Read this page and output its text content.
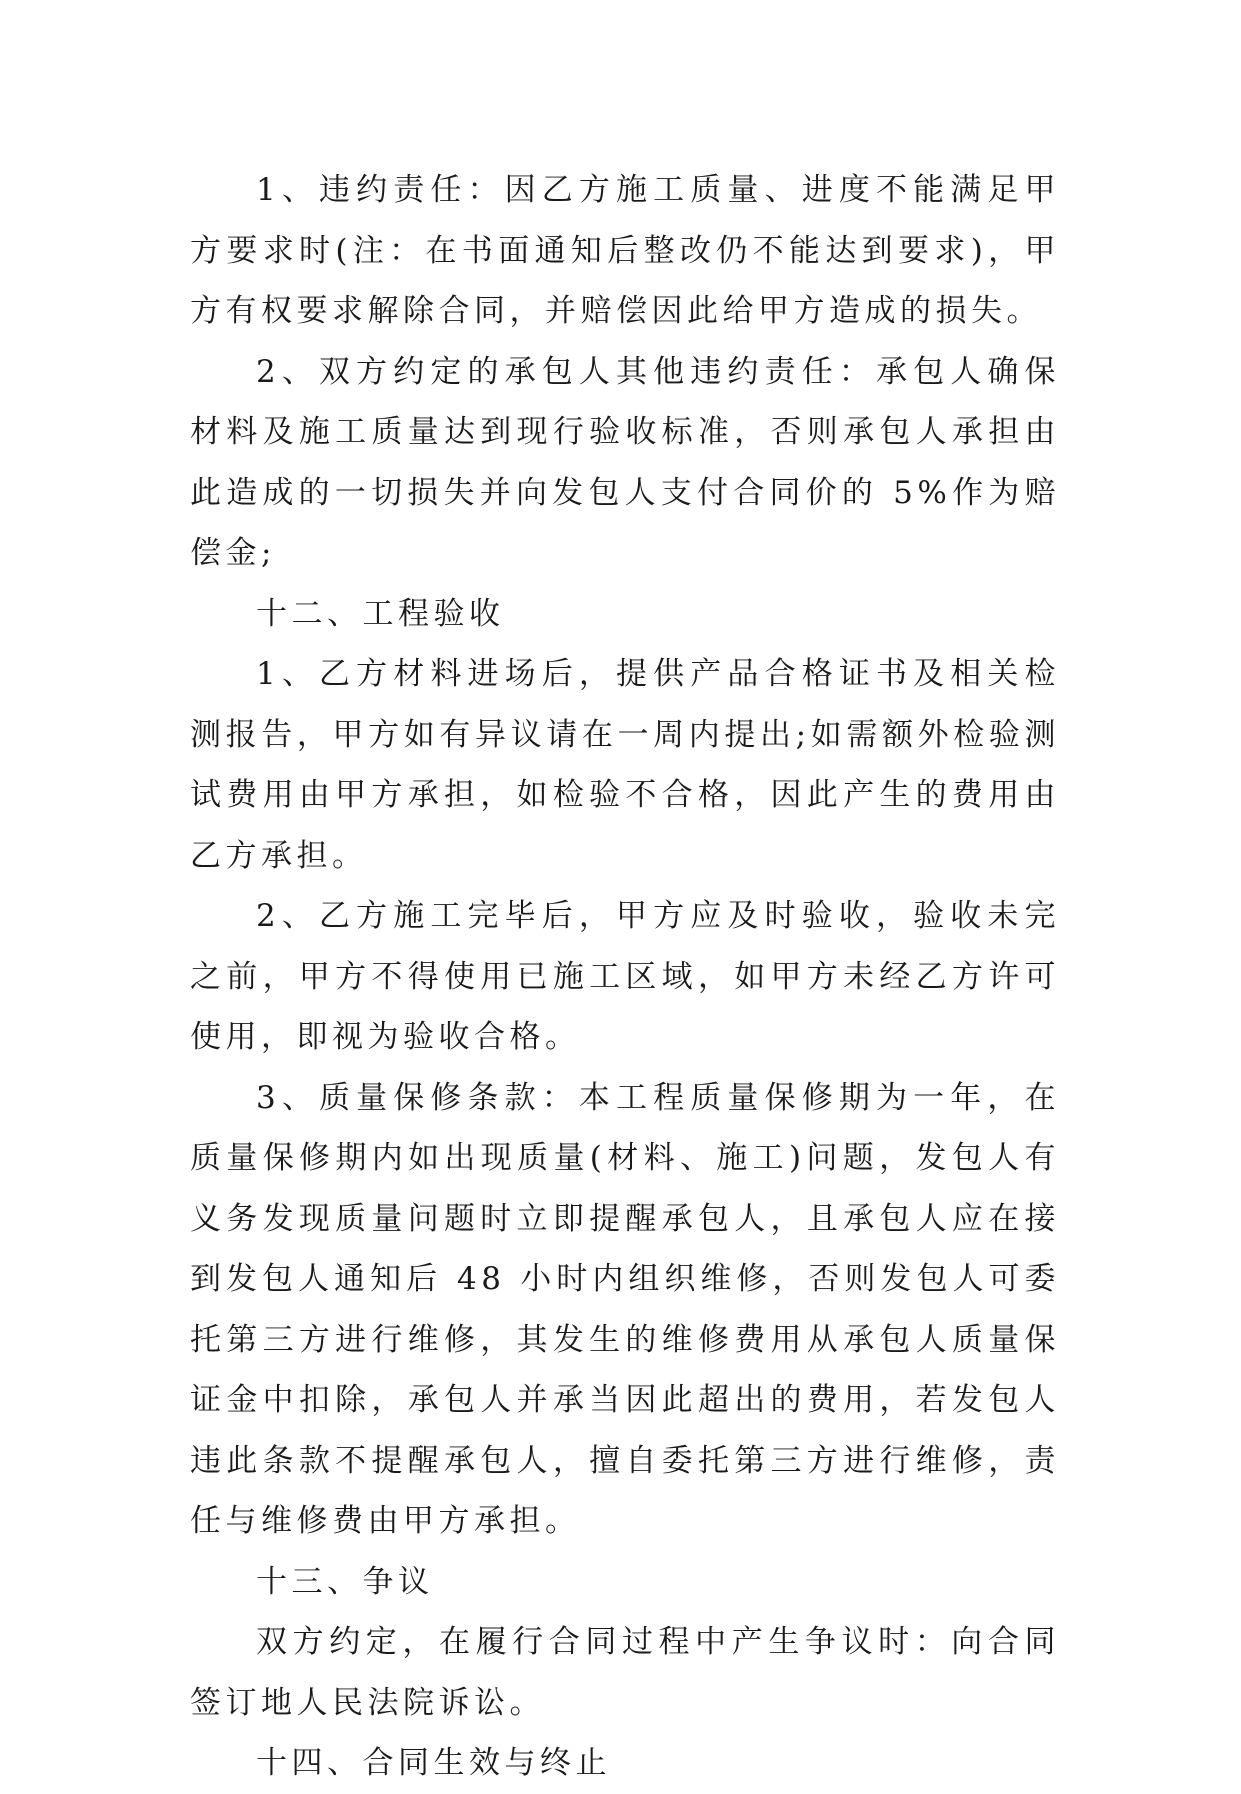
1、违约责任：因乙方施工质量、进度不能满足甲方要求时(注：在书面通知后整改仍不能达到要求)，甲方有权要求解除合同，并赔偿因此给甲方造成的损失。

2、双方约定的承包人其他违约责任：承包人确保材料及施工质量达到现行验收标准，否则承包人承担由此造成的一切损失并向发包人支付合同价的 5%作为赔偿金;

十二、工程验收

1、乙方材料进场后，提供产品合格证书及相关检测报告，甲方如有异议请在一周内提出;如需额外检验测试费用由甲方承担，如检验不合格，因此产生的费用由乙方承担。

2、乙方施工完毕后，甲方应及时验收，验收未完之前，甲方不得使用已施工区域，如甲方未经乙方许可使用，即视为验收合格。

3、质量保修条款：本工程质量保修期为一年，在质量保修期内如出现质量(材料、施工)问题，发包人有义务发现质量问题时立即提醒承包人，且承包人应在接到发包人通知后 48 小时内组织维修，否则发包人可委托第三方进行维修，其发生的维修费用从承包人质量保证金中扣除，承包人并承当因此超出的费用，若发包人违此条款不提醒承包人，擅自委托第三方进行维修，责任与维修费由甲方承担。

十三、争议

双方约定，在履行合同过程中产生争议时：向合同签订地人民法院诉讼。

十四、合同生效与终止
